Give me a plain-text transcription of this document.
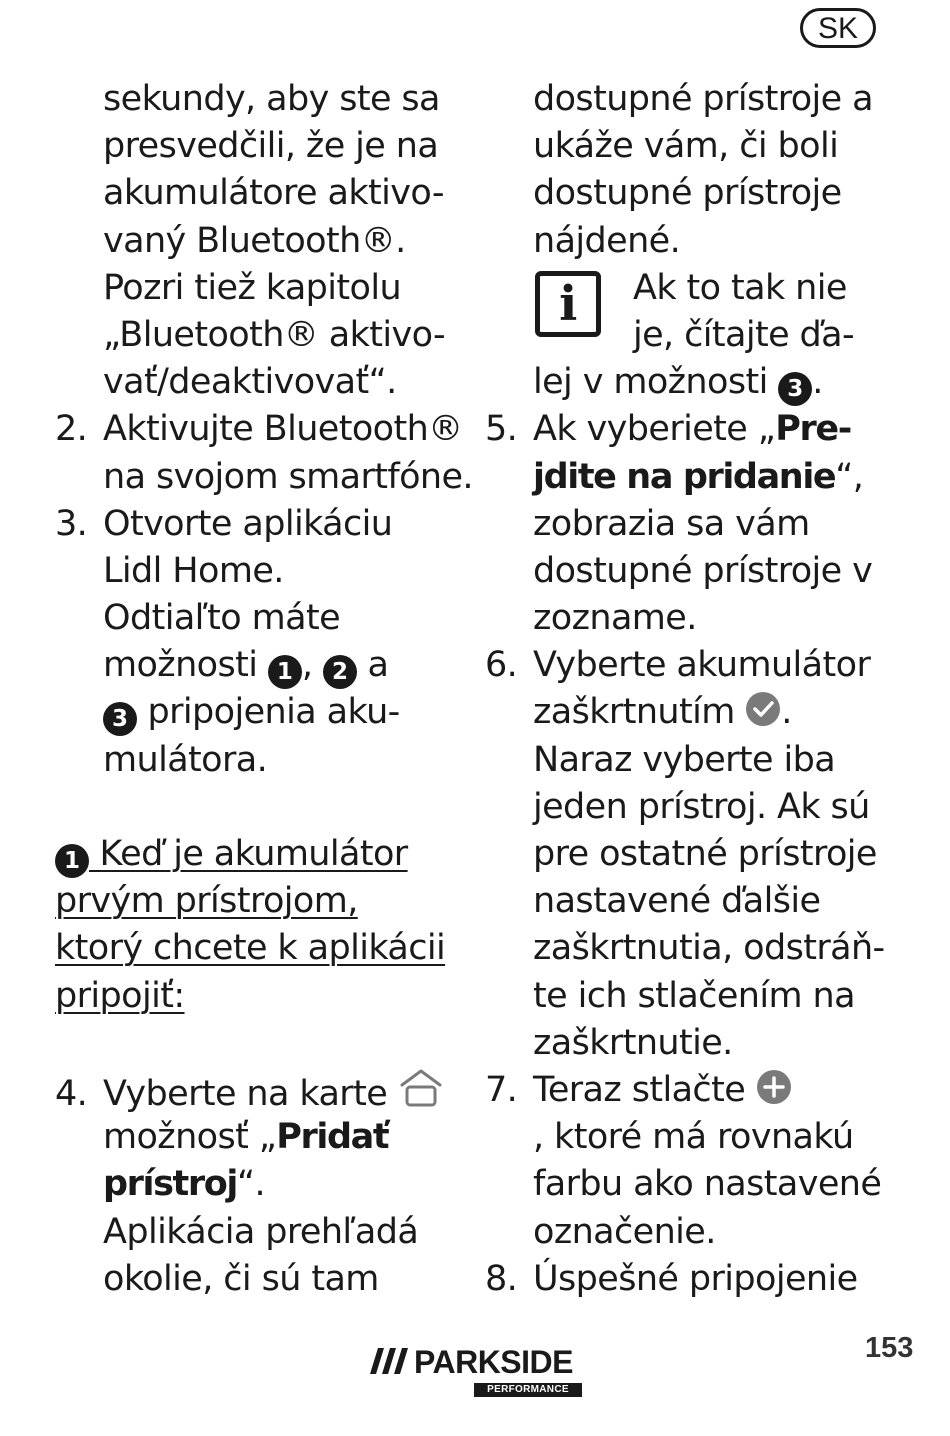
SK
sekundy, aby ste sa
presvedčili, že je na
akumulátore aktivo-
vaný Bluetooth®.
Pozri tiež kapitolu
„Bluetooth® aktivo-
vať/deaktivovať“.
2. Aktivujte Bluetooth®
na svojom smartfóne.
3. Otvorte aplikáciu
Lidl Home.
Odtiaľto máte
možnosti 1 , 2 a
3 pripojenia aku-
mulátora.
1 Keď je akumulátor
prvým prístrojom,
ktorý chcete k aplikácii
pripojiť:
4. Vyberte na karte
možnosť „Pridať
prístroj“.
Aplikácia prehľadá
okolie, či sú tam
dostupné prístroje a
ukáže vám, či boli
dostupné prístroje
nájdené.
i	Ak to tak nie
je, čítajte ďa-
lej v možnosti 3 .
5. Ak vyberiete „Pre-
jdite na pridanie“,
zobrazia sa vám
dostupné prístroje v
zozname.
6. Vyberte akumulátor
zaškrtnutím .
Naraz vyberte iba
jeden prístroj. Ak sú
pre ostatné prístroje
nastavené ďalšie
zaškrtnutia, odstráň-
te ich stlačením na
zaškrtnutie.
7. Teraz stlačte
, ktoré má rovnakú
farbu ako nastavené
označenie.
8. Úspešné pripojenie
PARKSIDE
PERFORMANCE
153
